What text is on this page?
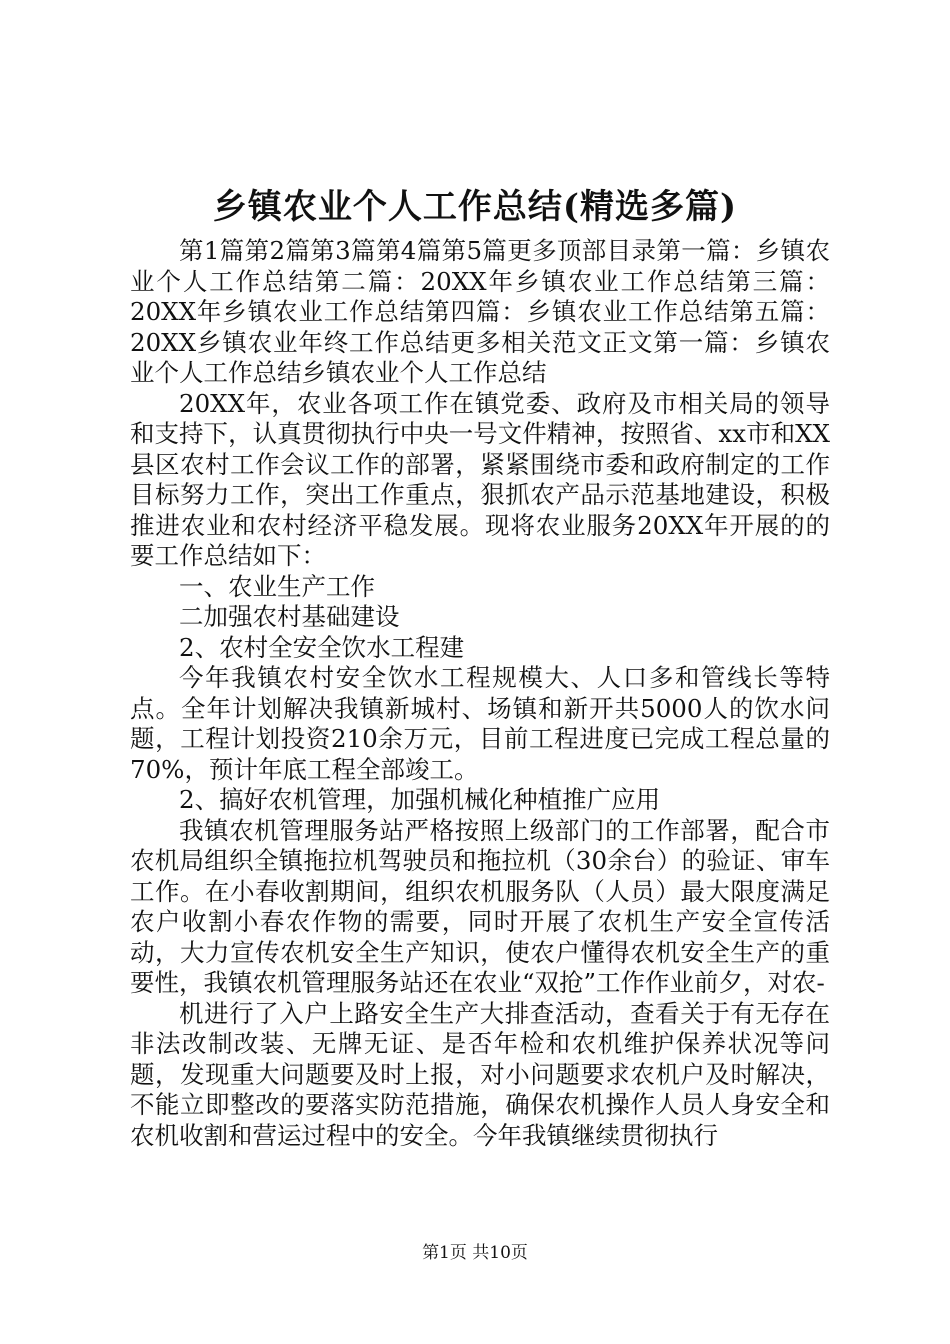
乡镇农业个人工作总结(精选多篇)

第1篇第2篇第3篇第4篇第5篇更多顶部目录第一篇：乡镇农业个人工作总结第二篇：20XX年乡镇农业工作总结第三篇：20XX年乡镇农业工作总结第四篇：乡镇农业工作总结第五篇：20XX乡镇农业年终工作总结更多相关范文正文第一篇：乡镇农业个人工作总结乡镇农业个人工作总结

20XX年，农业各项工作在镇党委、政府及市相关局的领导和支持下，认真贯彻执行中央一号文件精神，按照省、xx市和XX县区农村工作会议工作的部署，紧紧围绕市委和政府制定的工作目标努力工作，突出工作重点，狠抓农产品示范基地建设，积极推进农业和农村经济平稳发展。现将农业服务20XX年开展的的要工作总结如下：

一、农业生产工作

二加强农村基础建设

2、农村全安全饮水工程建

今年我镇农村安全饮水工程规模大、人口多和管线长等特点。全年计划解决我镇新城村、场镇和新开共5000人的饮水问题，工程计划投资210余万元，目前工程进度已完成工程总量的70%，预计年底工程全部竣工。

2、搞好农机管理，加强机械化种植推广应用

我镇农机管理服务站严格按照上级部门的工作部署，配合市农机局组织全镇拖拉机驾驶员和拖拉机（30余台）的验证、审车工作。在小春收割期间，组织农机服务队（人员）最大限度满足农户收割小春农作物的需要，同时开展了农机生产安全宣传活动，大力宣传农机安全生产知识，使农户懂得农机安全生产的重要性，我镇农机管理服务站还在农业“双抢”工作作业前夕，对农-

机进行了入户上路安全生产大排查活动，查看关于有无存在非法改制改装、无牌无证、是否年检和农机维护保养状况等问题，发现重大问题要及时上报，对小问题要求农机户及时解决，不能立即整改的要落实防范措施，确保农机操作人员人身安全和农机收割和营运过程中的安全。今年我镇继续贯彻执行

第1页 共10页
